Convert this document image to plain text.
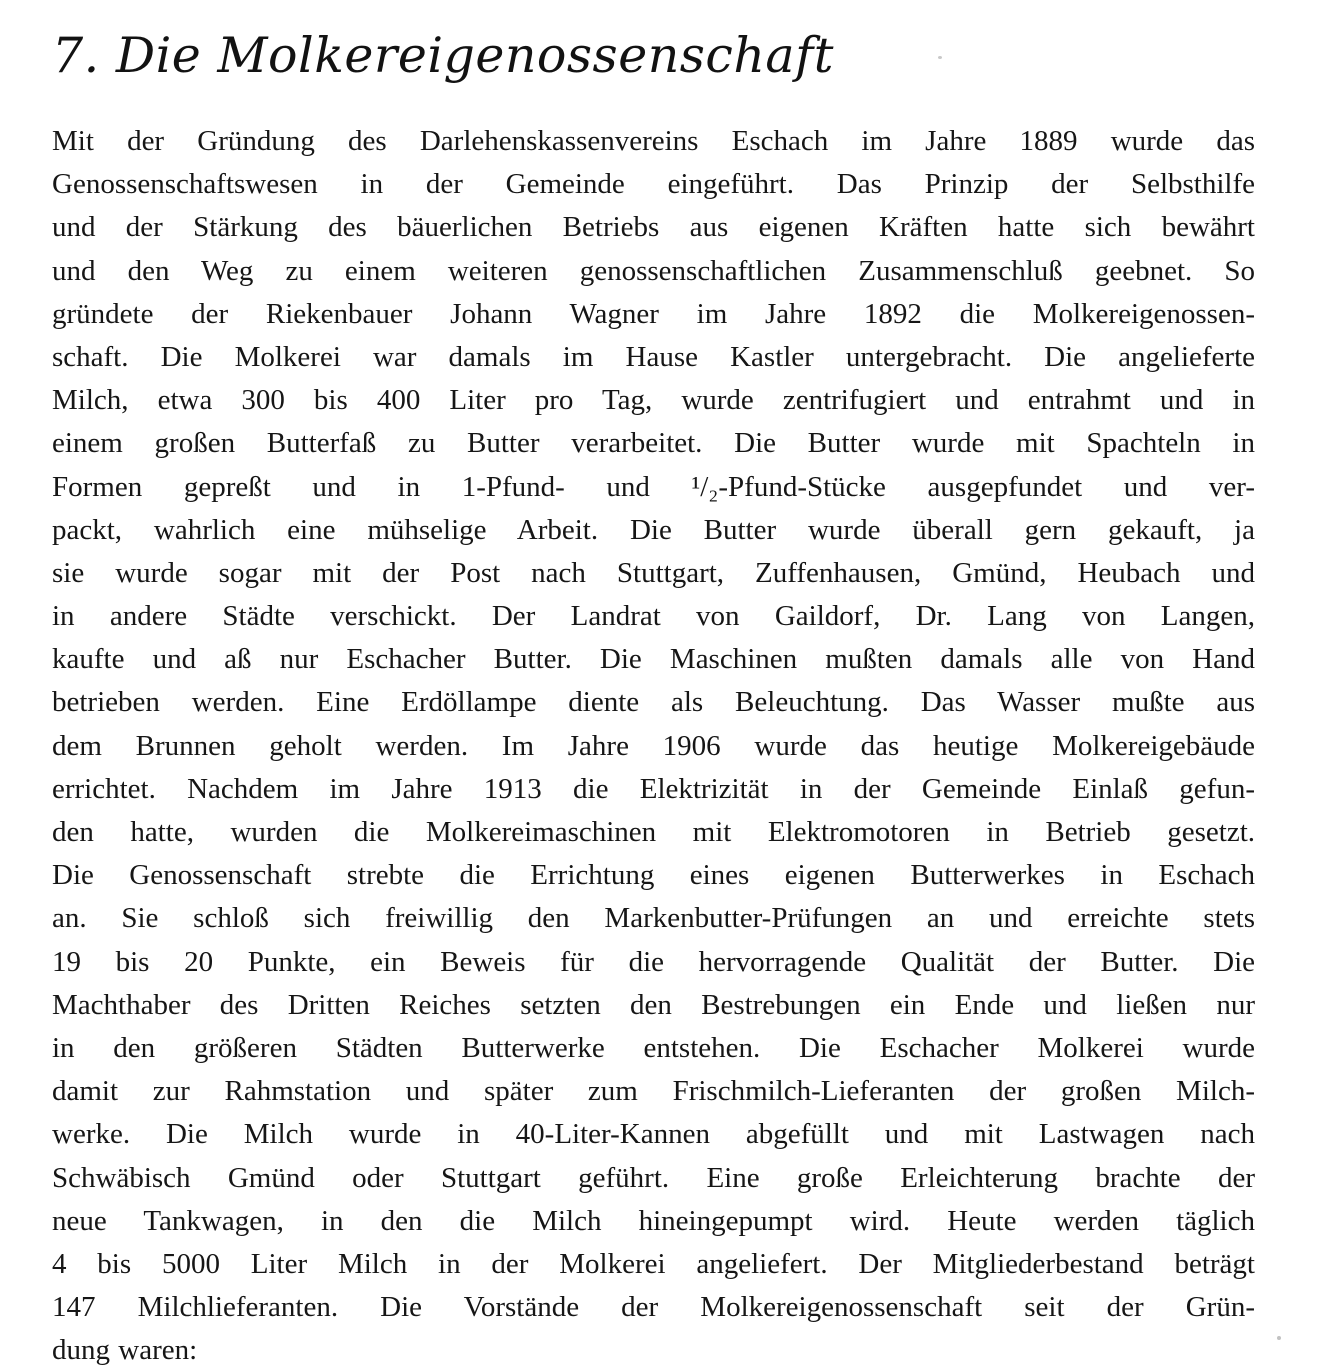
7. Die Molkereigenossenschaft
Mit der Gründung des Darlehenskassenvereins Eschach im Jahre 1889 wurde das
Genossenschaftswesen in der Gemeinde eingeführt. Das Prinzip der Selbsthilfe
und der Stärkung des bäuerlichen Betriebs aus eigenen Kräften hatte sich bewährt
und den Weg zu einem weiteren genossenschaftlichen Zusammenschluß geebnet. So
gründete der Riekenbauer Johann Wagner im Jahre 1892 die Molkereigenossen-
schaft. Die Molkerei war damals im Hause Kastler untergebracht. Die angelieferte
Milch, etwa 300 bis 400 Liter pro Tag, wurde zentrifugiert und entrahmt und in
einem großen Butterfaß zu Butter verarbeitet. Die Butter wurde mit Spachteln in
Formen gepreßt und in 1-Pfund- und ¹/₂-Pfund-Stücke ausgepfundet und ver-
packt, wahrlich eine mühselige Arbeit. Die Butter wurde überall gern gekauft, ja
sie wurde sogar mit der Post nach Stuttgart, Zuffenhausen, Gmünd, Heubach und
in andere Städte verschickt. Der Landrat von Gaildorf, Dr. Lang von Langen,
kaufte und aß nur Eschacher Butter. Die Maschinen mußten damals alle von Hand
betrieben werden. Eine Erdöllampe diente als Beleuchtung. Das Wasser mußte aus
dem Brunnen geholt werden. Im Jahre 1906 wurde das heutige Molkereigebäude
errichtet. Nachdem im Jahre 1913 die Elektrizität in der Gemeinde Einlaß gefun-
den hatte, wurden die Molkereimaschinen mit Elektromotoren in Betrieb gesetzt.
Die Genossenschaft strebte die Errichtung eines eigenen Butterwerkes in Eschach
an. Sie schloß sich freiwillig den Markenbutter-Prüfungen an und erreichte stets
19 bis 20 Punkte, ein Beweis für die hervorragende Qualität der Butter. Die
Machthaber des Dritten Reiches setzten den Bestrebungen ein Ende und ließen nur
in den größeren Städten Butterwerke entstehen. Die Eschacher Molkerei wurde
damit zur Rahmstation und später zum Frischmilch-Lieferanten der großen Milch-
werke. Die Milch wurde in 40-Liter-Kannen abgefüllt und mit Lastwagen nach
Schwäbisch Gmünd oder Stuttgart geführt. Eine große Erleichterung brachte der
neue Tankwagen, in den die Milch hineingepumpt wird. Heute werden täglich
4 bis 5000 Liter Milch in der Molkerei angeliefert. Der Mitgliederbestand beträgt
147 Milchlieferanten. Die Vorstände der Molkereigenossenschaft seit der Grün-
dung waren:
